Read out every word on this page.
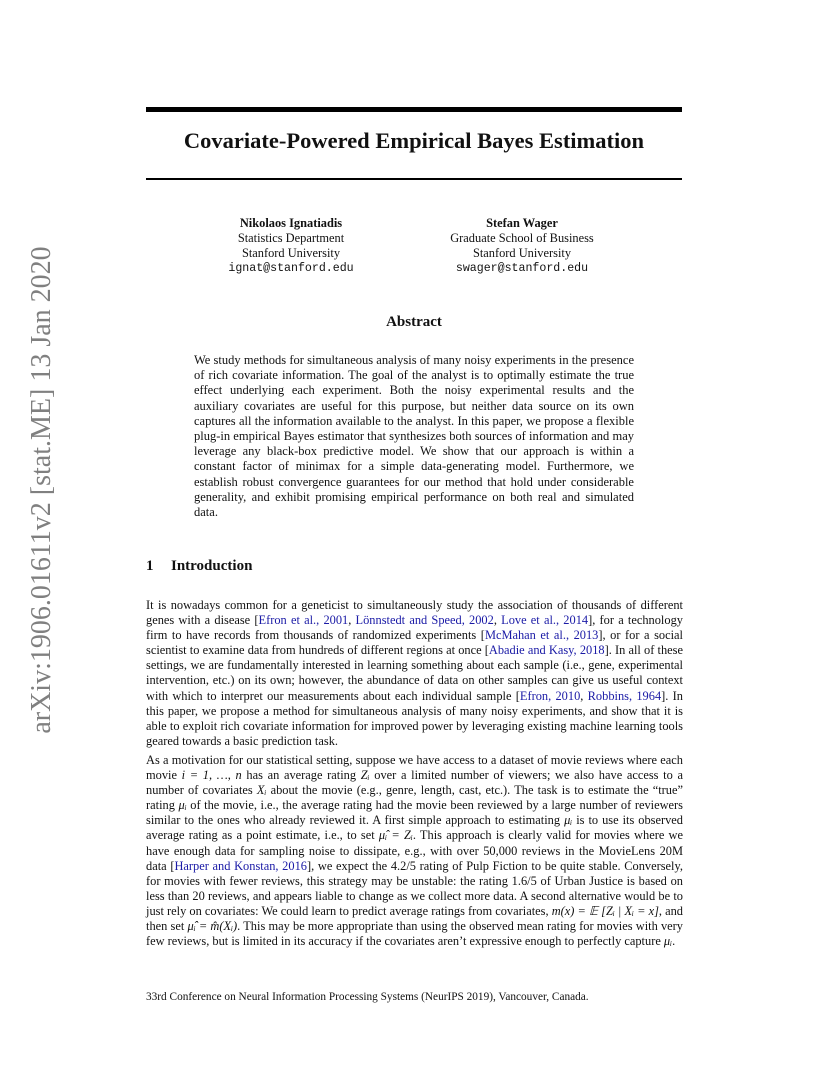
arXiv:1906.01611v2 [stat.ME] 13 Jan 2020
Covariate-Powered Empirical Bayes Estimation
Nikolaos Ignatiadis
Statistics Department
Stanford University
ignat@stanford.edu
Stefan Wager
Graduate School of Business
Stanford University
swager@stanford.edu
Abstract

We study methods for simultaneous analysis of many noisy experiments in the presence of rich covariate information. The goal of the analyst is to optimally estimate the true effect underlying each experiment. Both the noisy experimental results and the auxiliary covariates are useful for this purpose, but neither data source on its own captures all the information available to the analyst. In this paper, we propose a flexible plug-in empirical Bayes estimator that synthesizes both sources of information and may leverage any black-box predictive model. We show that our approach is within a constant factor of minimax for a simple data-generating model. Furthermore, we establish robust convergence guarantees for our method that hold under considerable generality, and exhibit promising empirical performance on both real and simulated data.

1 Introduction

It is nowadays common for a geneticist to simultaneously study the association of thousands of different genes with a disease [Efron et al., 2001, Lönnstedt and Speed, 2002, Love et al., 2014], for a technology firm to have records from thousands of randomized experiments [McMahan et al., 2013], or for a social scientist to examine data from hundreds of different regions at once [Abadie and Kasy, 2018]. In all of these settings, we are fundamentally interested in learning something about each sample (i.e., gene, experimental intervention, etc.) on its own; however, the abundance of data on other samples can give us useful context with which to interpret our measurements about each individual sample [Efron, 2010, Robbins, 1964]. In this paper, we propose a method for simultaneous analysis of many noisy experiments, and show that it is able to exploit rich covariate information for improved power by leveraging existing machine learning tools geared towards a basic prediction task.

As a motivation for our statistical setting, suppose we have access to a dataset of movie reviews where each movie i = 1, …, n has an average rating Zᵢ over a limited number of viewers; we also have access to a number of covariates Xᵢ about the movie (e.g., genre, length, cast, etc.). The task is to estimate the “true” rating μᵢ of the movie, i.e., the average rating had the movie been reviewed by a large number of reviewers similar to the ones who already reviewed it. A first simple approach to estimating μᵢ is to use its observed average rating as a point estimate, i.e., to set μ̂ᵢ = Zᵢ. This approach is clearly valid for movies where we have enough data for sampling noise to dissipate, e.g., with over 50,000 reviews in the MovieLens 20M data [Harper and Konstan, 2016], we expect the 4.2/5 rating of Pulp Fiction to be quite stable. Conversely, for movies with fewer reviews, this strategy may be unstable: the rating 1.6/5 of Urban Justice is based on less than 20 reviews, and appears liable to change as we collect more data. A second alternative would be to just rely on covariates: We could learn to predict average ratings from covariates, m(x) = 𝔼 [Zᵢ | Xᵢ = x], and then set μ̂ᵢ = m̂(Xᵢ). This may be more appropriate than using the observed mean rating for movies with very few reviews, but is limited in its accuracy if the covariates aren’t expressive enough to perfectly capture μᵢ.

33rd Conference on Neural Information Processing Systems (NeurIPS 2019), Vancouver, Canada.
